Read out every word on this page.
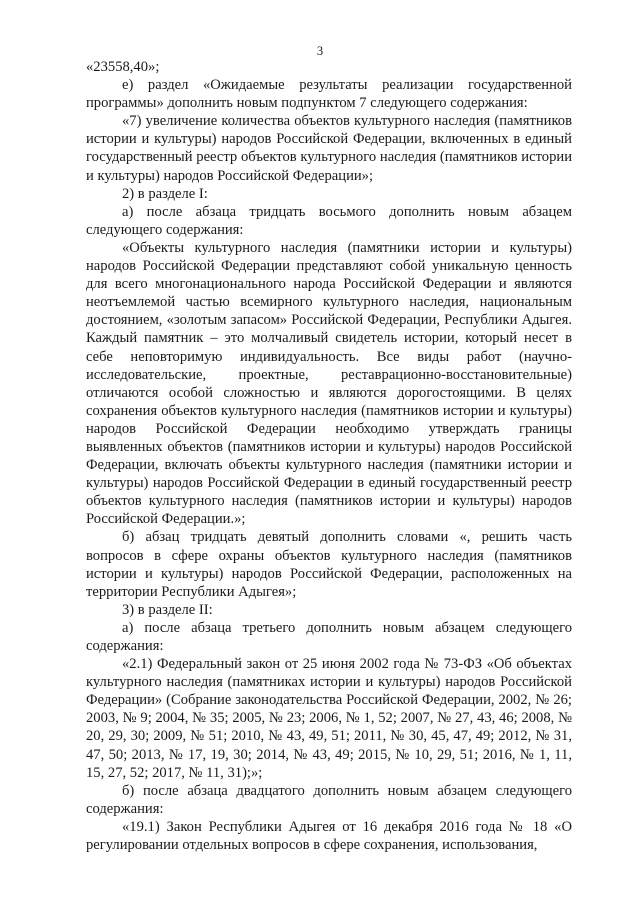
3

«23558,40»;

е) раздел «Ожидаемые результаты реализации государственной программы» дополнить новым подпунктом 7 следующего содержания:

«7) увеличение количества объектов культурного наследия (памятников истории и культуры) народов Российской Федерации, включенных в единый государственный реестр объектов культурного наследия (памятников истории и культуры) народов Российской Федерации»;

2) в разделе I:

а) после абзаца тридцать восьмого дополнить новым абзацем следующего содержания:

«Объекты культурного наследия (памятники истории и культуры) народов Российской Федерации представляют собой уникальную ценность для всего многонационального народа Российской Федерации и являются неотъемлемой частью всемирного культурного наследия, национальным достоянием, «золотым запасом» Российской Федерации, Республики Адыгея. Каждый памятник – это молчаливый свидетель истории, который несет в себе неповторимую индивидуальность. Все виды работ (научно-исследовательские, проектные, реставрационно-восстановительные) отличаются особой сложностью и являются дорогостоящими. В целях сохранения объектов культурного наследия (памятников истории и культуры) народов Российской Федерации необходимо утверждать границы выявленных объектов (памятников истории и культуры) народов Российской Федерации, включать объекты культурного наследия (памятники истории и культуры) народов Российской Федерации в единый государственный реестр объектов культурного наследия (памятников истории и культуры) народов Российской Федерации.»;

б) абзац тридцать девятый дополнить словами «, решить часть вопросов в сфере охраны объектов культурного наследия (памятников истории и культуры) народов Российской Федерации, расположенных на территории Республики Адыгея»;

3) в разделе II:

а) после абзаца третьего дополнить новым абзацем следующего содержания:

«2.1) Федеральный закон от 25 июня 2002 года № 73-ФЗ «Об объектах культурного наследия (памятниках истории и культуры) народов Российской Федерации» (Собрание законодательства Российской Федерации, 2002, № 26; 2003, № 9; 2004, № 35; 2005, № 23; 2006, № 1, 52; 2007, № 27, 43, 46; 2008, № 20, 29, 30; 2009, № 51; 2010, № 43, 49, 51; 2011, № 30, 45, 47, 49; 2012, № 31, 47, 50; 2013, № 17, 19, 30; 2014, № 43, 49; 2015, № 10, 29, 51; 2016, № 1, 11, 15, 27, 52; 2017, № 11, 31);»;

б) после абзаца двадцатого дополнить новым абзацем следующего содержания:

«19.1) Закон Республики Адыгея от 16 декабря 2016 года № 18 «О регулировании отдельных вопросов в сфере сохранения, использования,
